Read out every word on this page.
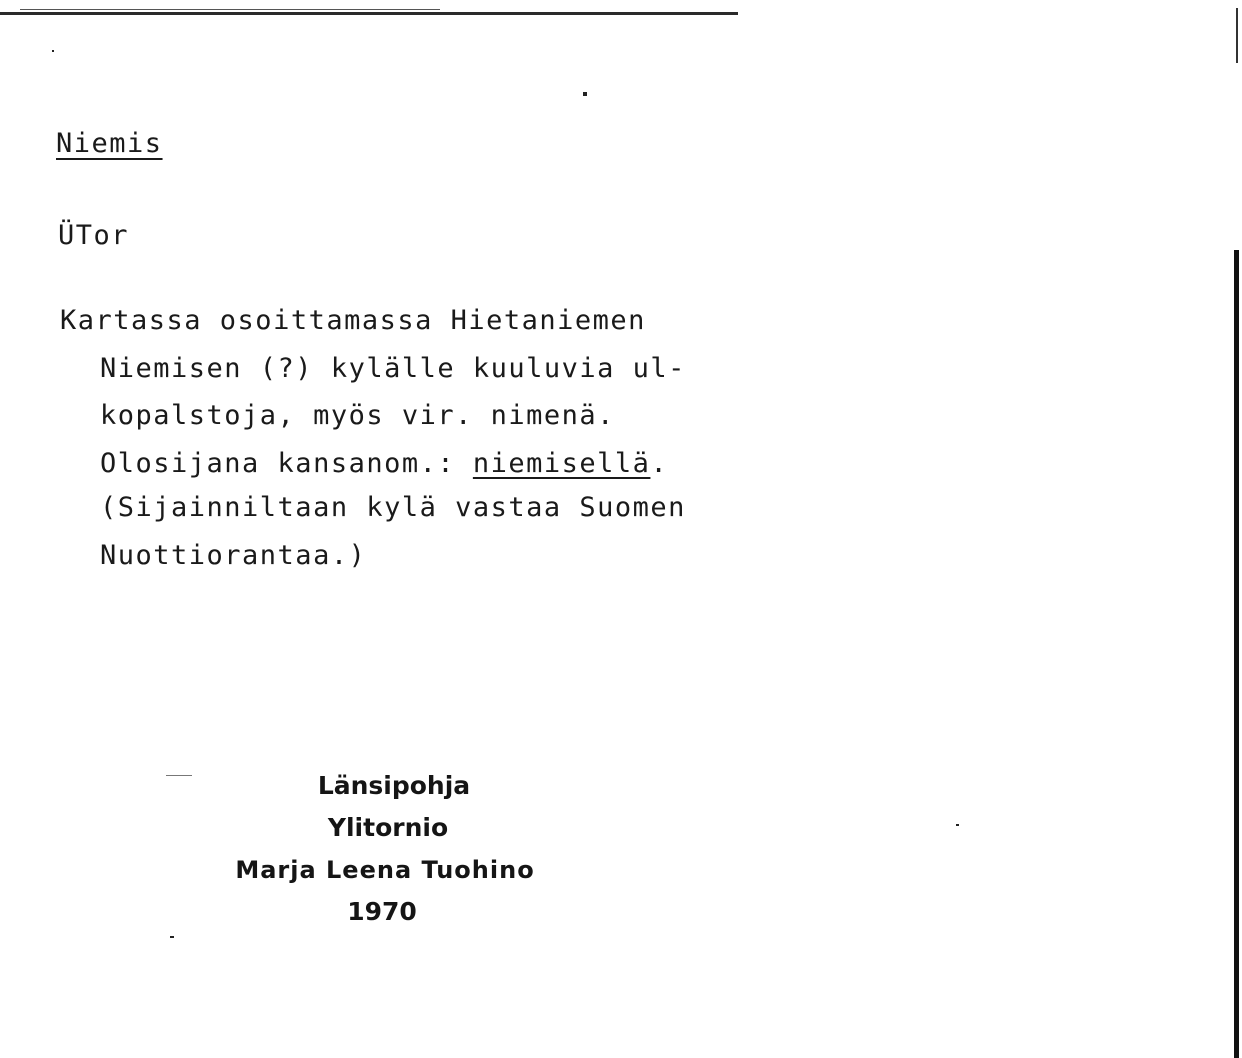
Niemis
ÜTor
Kartassa osoittamassa Hietaniemen
Niemisen (?) kylälle kuuluvia ul-
kopalstoja, myös vir. nimenä.
Olosijana kansanom.: niemisellä.
(Sijainniltaan kylä vastaa Suomen
Nuottiorantaa.)
Länsipohja
Ylitornio
Marja Leena Tuohino
1970
